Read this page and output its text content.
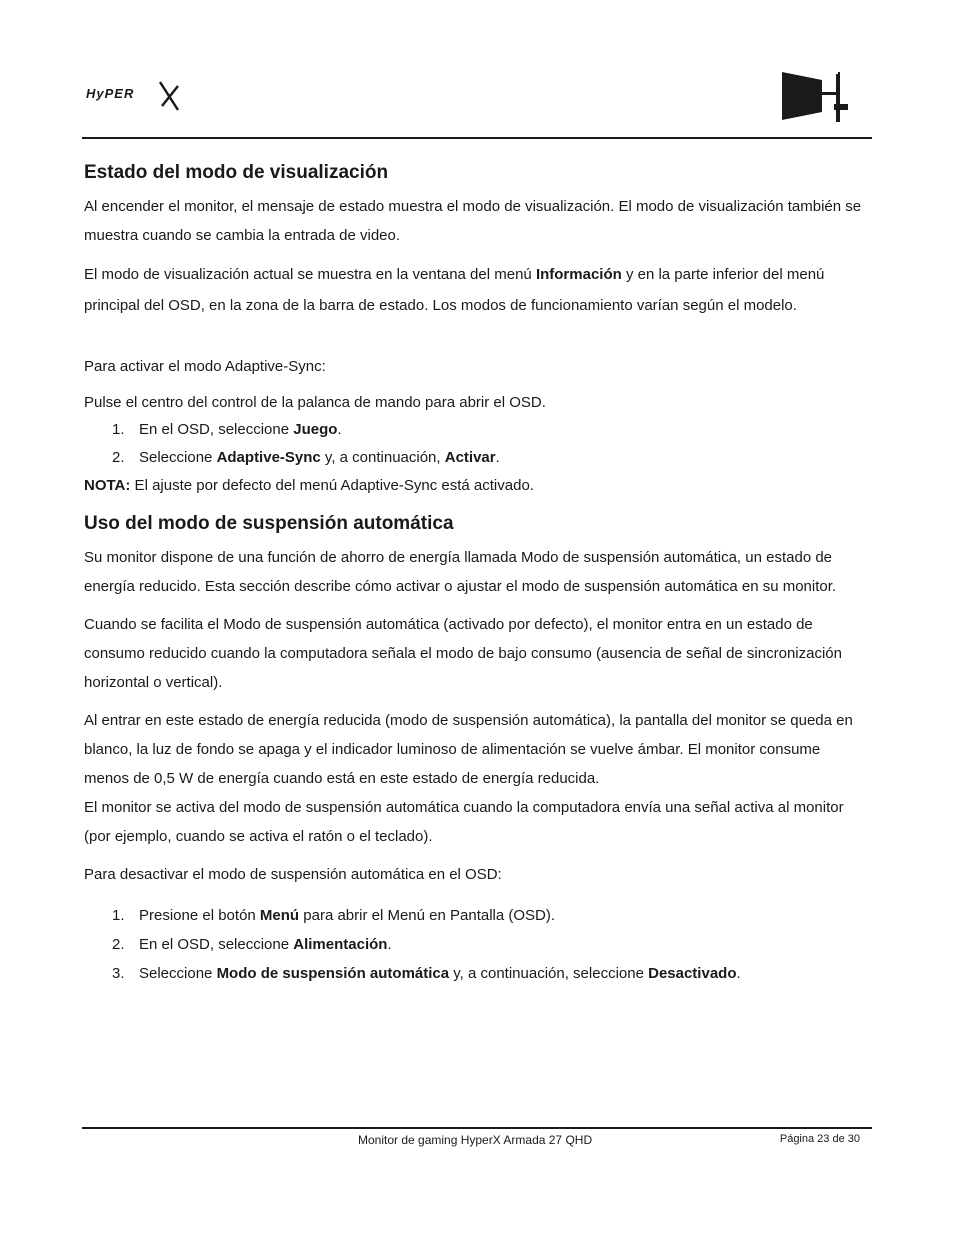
HyPER
Estado del modo de visualización

Al encender el monitor, el mensaje de estado muestra el modo de visualización. El modo de visualización también se muestra cuando se cambia la entrada de video.

El modo de visualización actual se muestra en la ventana del menú Información y en la parte inferior del menú principal del OSD, en la zona de la barra de estado. Los modos de funcionamiento varían según el modelo.

Para activar el modo Adaptive-Sync:

Pulse el centro del control de la palanca de mando para abrir el OSD.

1. En el OSD, seleccione Juego.
2. Seleccione Adaptive-Sync y, a continuación, Activar.

NOTA: El ajuste por defecto del menú Adaptive-Sync está activado.

Uso del modo de suspensión automática

Su monitor dispone de una función de ahorro de energía llamada Modo de suspensión automática, un estado de energía reducido. Esta sección describe cómo activar o ajustar el modo de suspensión automática en su monitor.

Cuando se facilita el Modo de suspensión automática (activado por defecto), el monitor entra en un estado de consumo reducido cuando la computadora señala el modo de bajo consumo (ausencia de señal de sincronización horizontal o vertical).

Al entrar en este estado de energía reducida (modo de suspensión automática), la pantalla del monitor se queda en blanco, la luz de fondo se apaga y el indicador luminoso de alimentación se vuelve ámbar. El monitor consume menos de 0,5 W de energía cuando está en este estado de energía reducida.

El monitor se activa del modo de suspensión automática cuando la computadora envía una señal activa al monitor (por ejemplo, cuando se activa el ratón o el teclado).

Para desactivar el modo de suspensión automática en el OSD:

1. Presione el botón Menú para abrir el Menú en Pantalla (OSD).
2. En el OSD, seleccione Alimentación.
3. Seleccione Modo de suspensión automática y, a continuación, seleccione Desactivado.
Monitor de gaming HyperX Armada 27 QHD	Página 23 de 30
